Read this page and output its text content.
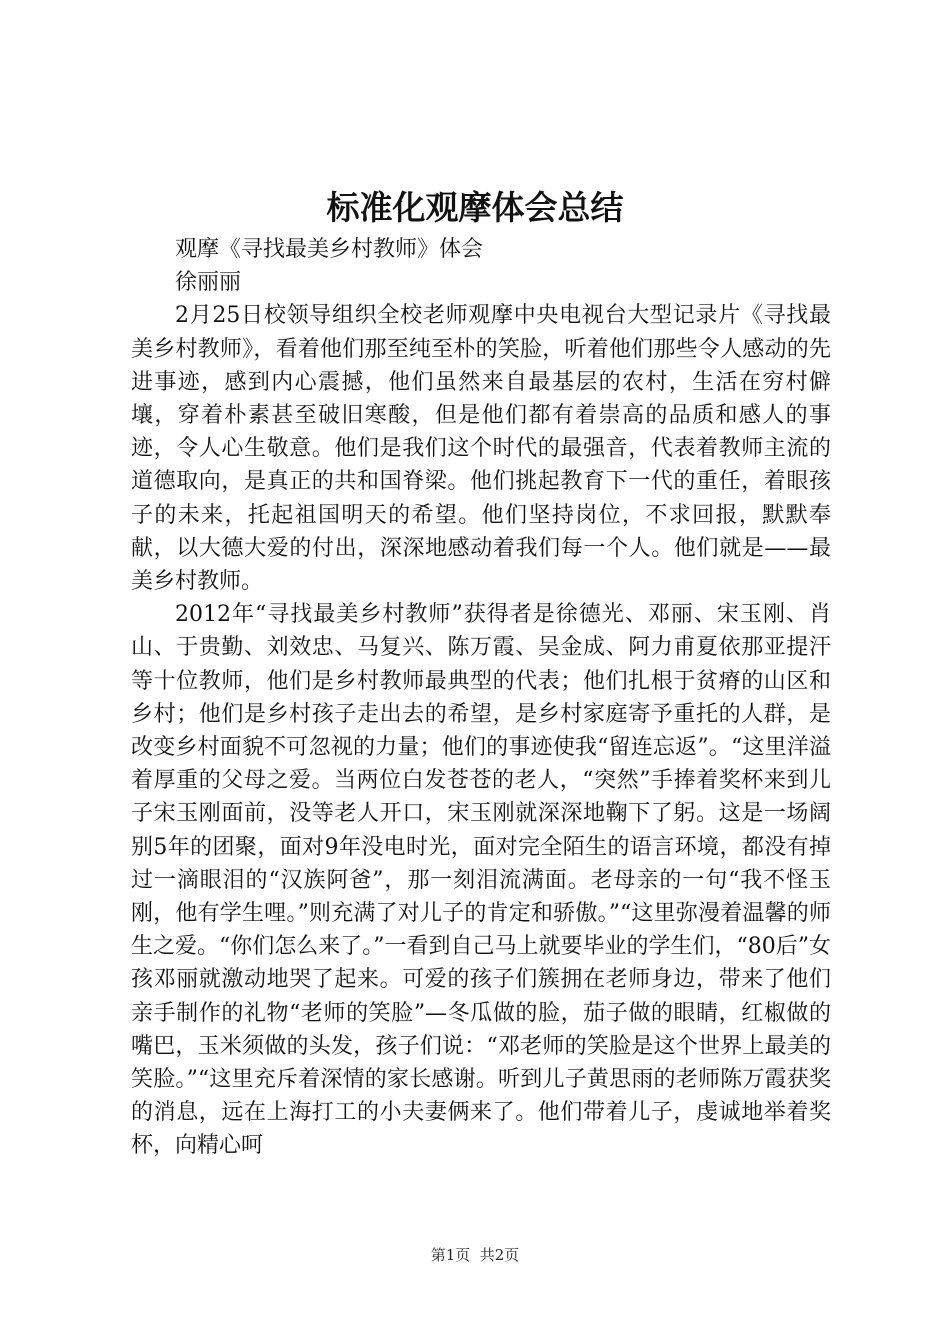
标准化观摩体会总结

观摩《寻找最美乡村教师》体会

徐丽丽

2月25日校领导组织全校老师观摩中央电视台大型记录片《寻找最美乡村教师》，看着他们那至纯至朴的笑脸，听着他们那些令人感动的先进事迹，感到内心震撼，他们虽然来自最基层的农村，生活在穷村僻壤，穿着朴素甚至破旧寒酸，但是他们都有着崇高的品质和感人的事迹，令人心生敬意。他们是我们这个时代的最强音，代表着教师主流的道德取向，是真正的共和国脊梁。他们挑起教育下一代的重任，着眼孩子的未来，托起祖国明天的希望。他们坚持岗位，不求回报，默默奉献，以大德大爱的付出，深深地感动着我们每一个人。他们就是——最美乡村教师。

2012年“寻找最美乡村教师”获得者是徐德光、邓丽、宋玉刚、肖山、于贵勤、刘效忠、马复兴、陈万霞、吴金成、阿力甫夏依那亚提汗等十位教师，他们是乡村教师最典型的代表；他们扎根于贫瘠的山区和乡村；他们是乡村孩子走出去的希望，是乡村家庭寄予重托的人群，是改变乡村面貌不可忽视的力量；他们的事迹使我“留连忘返”。“这里洋溢着厚重的父母之爱。当两位白发苍苍的老人，“突然”手捧着奖杯来到儿子宋玉刚面前，没等老人开口，宋玉刚就深深地鞠下了躬。这是一场阔别5年的团聚，面对9年没电时光，面对完全陌生的语言环境，都没有掉过一滴眼泪的“汉族阿爸”，那一刻泪流满面。老母亲的一句“我不怪玉刚，他有学生哩。”则充满了对儿子的肯定和骄傲。”“这里弥漫着温馨的师生之爱。“你们怎么来了。”一看到自己马上就要毕业的学生们，“80后”女孩邓丽就激动地哭了起来。可爱的孩子们簇拥在老师身边，带来了他们亲手制作的礼物“老师的笑脸”—冬瓜做的脸，茄子做的眼睛，红椒做的嘴巴，玉米须做的头发，孩子们说：“邓老师的笑脸是这个世界上最美的笑脸。”“这里充斥着深情的家长感谢。听到儿子黄思雨的老师陈万霞获奖的消息，远在上海打工的小夫妻俩来了。他们带着儿子，虔诚地举着奖杯，向精心呵

第1页  共2页
